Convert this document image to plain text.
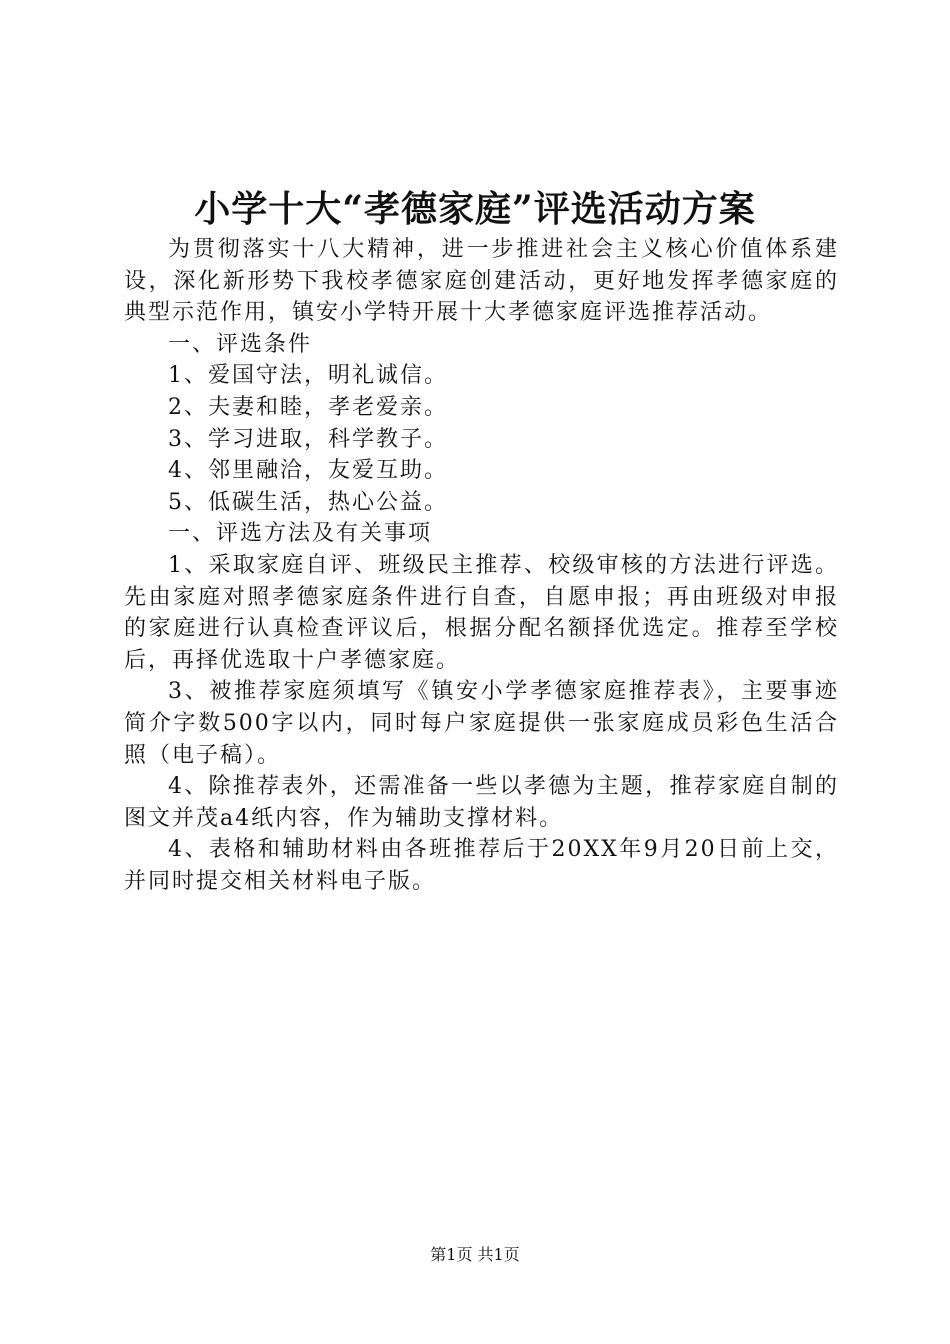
小学十大“孝德家庭”评选活动方案

为贯彻落实十八大精神，进一步推进社会主义核心价值体系建设，深化新形势下我校孝德家庭创建活动，更好地发挥孝德家庭的典型示范作用，镇安小学特开展十大孝德家庭评选推荐活动。

一、评选条件

1、爱国守法，明礼诚信。

2、夫妻和睦，孝老爱亲。

3、学习进取，科学教子。

4、邻里融洽，友爱互助。

5、低碳生活，热心公益。

一、评选方法及有关事项

1、采取家庭自评、班级民主推荐、校级审核的方法进行评选。先由家庭对照孝德家庭条件进行自查，自愿申报；再由班级对申报的家庭进行认真检查评议后，根据分配名额择优选定。推荐至学校后，再择优选取十户孝德家庭。

3、被推荐家庭须填写《镇安小学孝德家庭推荐表》，主要事迹简介字数500字以内，同时每户家庭提供一张家庭成员彩色生活合照（电子稿）。

4、除推荐表外，还需准备一些以孝德为主题，推荐家庭自制的图文并茂a4纸内容，作为辅助支撑材料。

4、表格和辅助材料由各班推荐后于20XX年9月20日前上交，并同时提交相关材料电子版。

第1页 共1页
